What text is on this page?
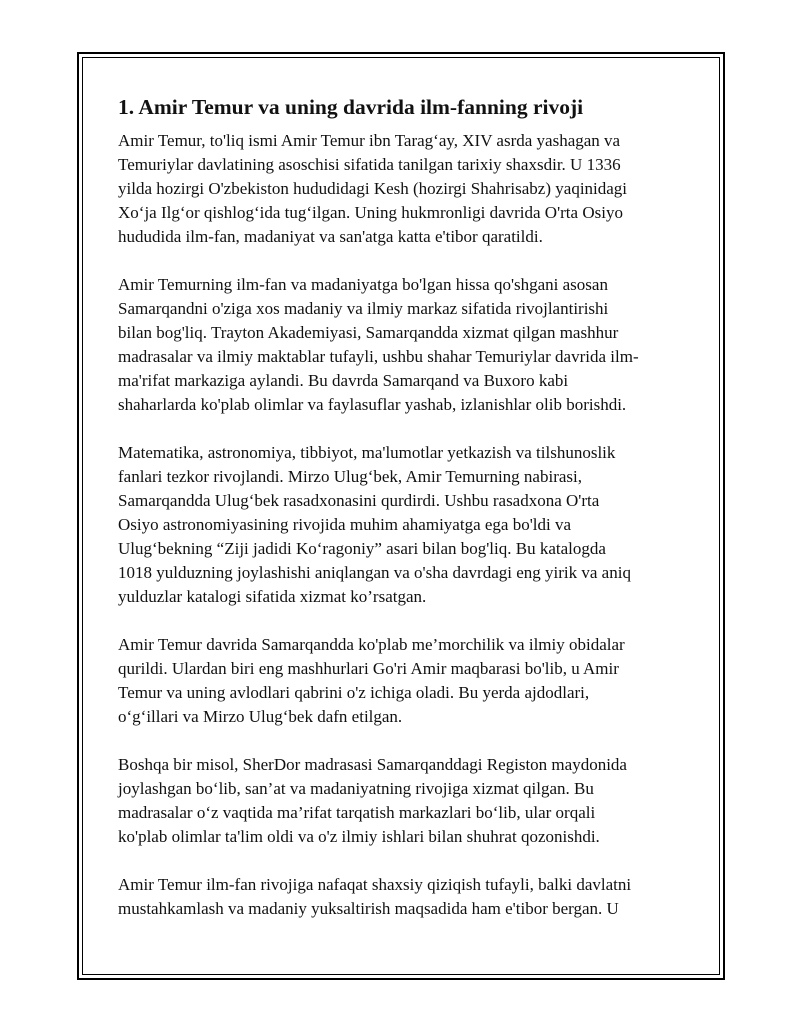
1. Amir Temur va uning davrida ilm-fanning rivoji

Amir Temur, to'liq ismi Amir Temur ibn Taragʻay, XIV asrda yashagan va
Temuriylar davlatining asoschisi sifatida tanilgan tarixiy shaxsdir. U 1336
yilda hozirgi O'zbekiston hududidagi Kesh (hozirgi Shahrisabz) yaqinidagi
Xoʻja Ilgʻor qishlogʻida tugʻilgan. Uning hukmronligi davrida O'rta Osiyo
hududida ilm-fan, madaniyat va san'atga katta e'tibor qaratildi.

Amir Temurning ilm-fan va madaniyatga bo'lgan hissa qo'shgani asosan
Samarqandni o'ziga xos madaniy va ilmiy markaz sifatida rivojlantirishi
bilan bog'liq. Trayton Akademiyasi, Samarqandda xizmat qilgan mashhur
madrasalar va ilmiy maktablar tufayli, ushbu shahar Temuriylar davrida ilm-
ma'rifat markaziga aylandi. Bu davrda Samarqand va Buxoro kabi
shaharlarda ko'plab olimlar va faylasuflar yashab, izlanishlar olib borishdi.

Matematika, astronomiya, tibbiyot, ma'lumotlar yetkazish va tilshunoslik
fanlari tezkor rivojlandi. Mirzo Ulugʻbek, Amir Temurning nabirasi,
Samarqandda Ulugʻbek rasadxonasini qurdirdi. Ushbu rasadxona O'rta
Osiyo astronomiyasining rivojida muhim ahamiyatga ega bo'ldi va
Ulugʻbekning “Ziji jadidi Koʻragoniy” asari bilan bog'liq. Bu katalogda
1018 yulduzning joylashishi aniqlangan va o'sha davrdagi eng yirik va aniq
yulduzlar katalogi sifatida xizmat ko’rsatgan.

Amir Temur davrida Samarqandda ko'plab me’morchilik va ilmiy obidalar
qurildi. Ulardan biri eng mashhurlari Go'ri Amir maqbarasi bo'lib, u Amir
Temur va uning avlodlari qabrini o'z ichiga oladi. Bu yerda ajdodlari,
oʻgʻillari va Mirzo Ulugʻbek dafn etilgan.

Boshqa bir misol, SherDor madrasasi Samarqanddagi Registon maydonida
joylashgan boʻlib, san’at va madaniyatning rivojiga xizmat qilgan. Bu
madrasalar oʻz vaqtida ma’rifat tarqatish markazlari boʻlib, ular orqali
ko'plab olimlar ta'lim oldi va o'z ilmiy ishlari bilan shuhrat qozonishdi.

Amir Temur ilm-fan rivojiga nafaqat shaxsiy qiziqish tufayli, balki davlatni
mustahkamlash va madaniy yuksaltirish maqsadida ham e'tibor bergan. U
